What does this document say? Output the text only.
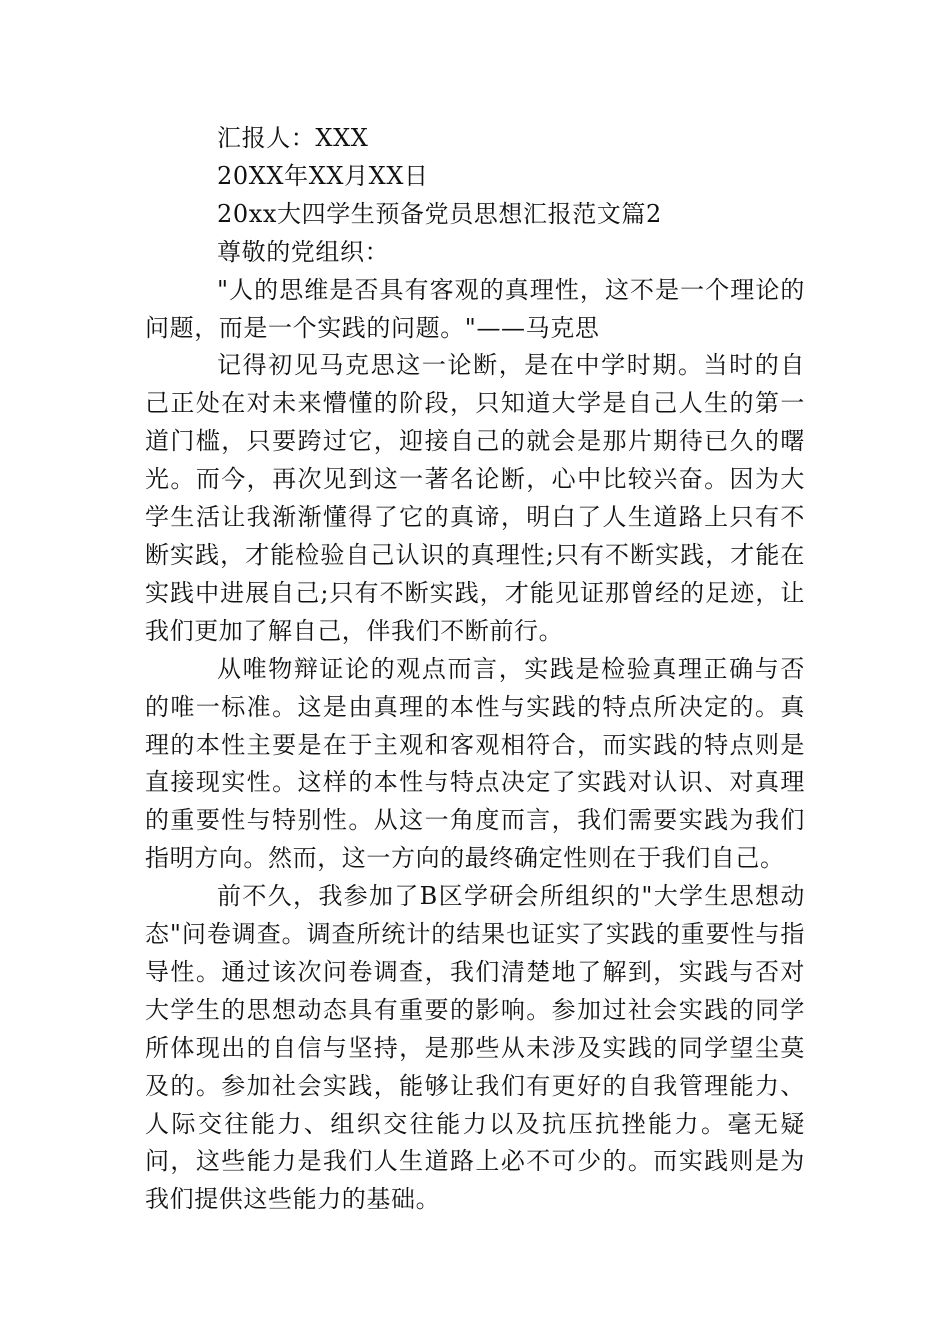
汇报人：XXX

20XX年XX月XX日

20xx大四学生预备党员思想汇报范文篇2

尊敬的党组织：

"人的思维是否具有客观的真理性，这不是一个理论的问题，而是一个实践的问题。"——马克思

记得初见马克思这一论断，是在中学时期。当时的自己正处在对未来懵懂的阶段，只知道大学是自己人生的第一道门槛，只要跨过它，迎接自己的就会是那片期待已久的曙光。而今，再次见到这一著名论断，心中比较兴奋。因为大学生活让我渐渐懂得了它的真谛，明白了人生道路上只有不断实践，才能检验自己认识的真理性;只有不断实践，才能在实践中进展自己;只有不断实践，才能见证那曾经的足迹，让我们更加了解自己，伴我们不断前行。

从唯物辩证论的观点而言，实践是检验真理正确与否的唯一标准。这是由真理的本性与实践的特点所决定的。真理的本性主要是在于主观和客观相符合，而实践的特点则是直接现实性。这样的本性与特点决定了实践对认识、对真理的重要性与特别性。从这一角度而言，我们需要实践为我们指明方向。然而，这一方向的最终确定性则在于我们自己。

前不久，我参加了B区学研会所组织的"大学生思想动态"问卷调查。调查所统计的结果也证实了实践的重要性与指导性。通过该次问卷调查，我们清楚地了解到，实践与否对大学生的思想动态具有重要的影响。参加过社会实践的同学所体现出的自信与坚持，是那些从未涉及实践的同学望尘莫及的。参加社会实践，能够让我们有更好的自我管理能力、人际交往能力、组织交往能力以及抗压抗挫能力。毫无疑问，这些能力是我们人生道路上必不可少的。而实践则是为我们提供这些能力的基础。
